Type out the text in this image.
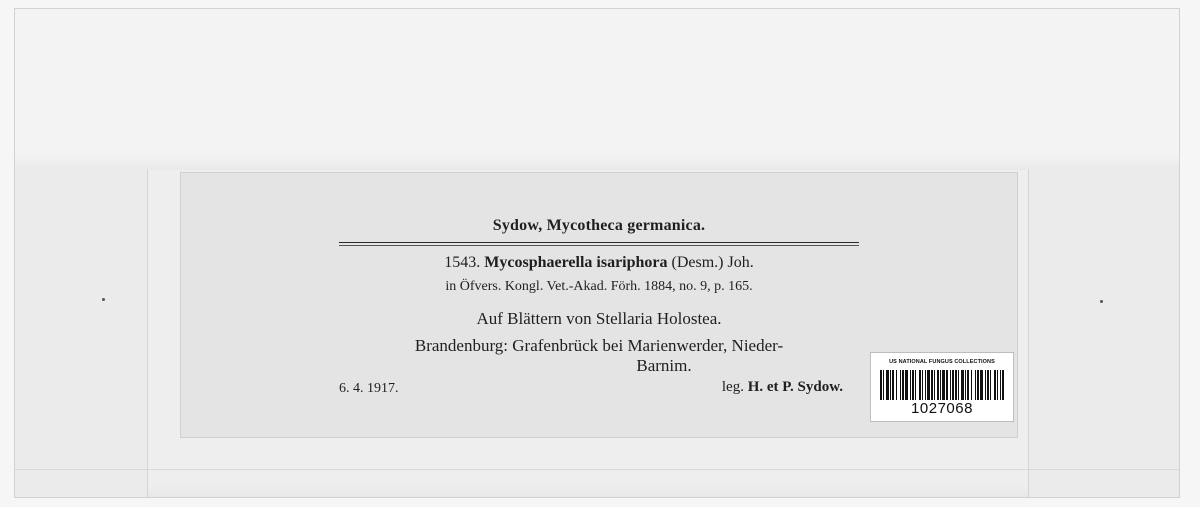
Sydow, Mycotheca germanica.
1543. Mycosphaerella isariphora (Desm.) Joh.
in Öfvers. Kongl. Vet.-Akad. Förh. 1884, no. 9, p. 165.
Auf Blättern von Stellaria Holostea.
Brandenburg: Grafenbrück bei Marienwerder, Nieder-
Barnim.
6. 4. 1917.	leg. H. et P. Sydow.
US NATIONAL FUNGUS COLLECTIONS
1027068
